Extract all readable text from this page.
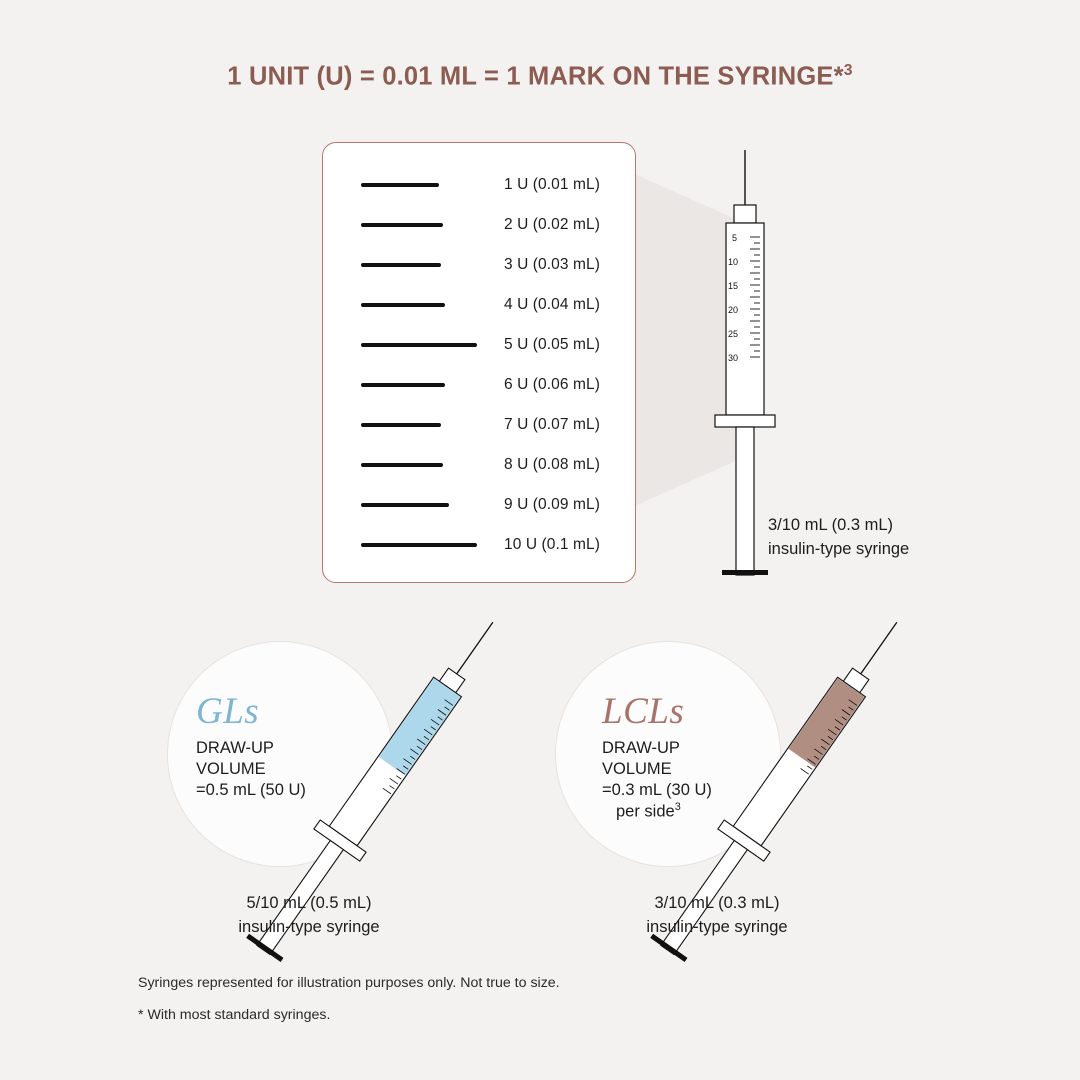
1 UNIT (U) = 0.01 ML = 1 MARK ON THE SYRINGE*$^3$
1 U (0.01 mL)
2 U (0.02 mL)
3 U (0.03 mL)
4 U (0.04 mL)
5 U (0.05 mL)
6 U (0.06 mL)
7 U (0.07 mL)
8 U (0.08 mL)
9 U (0.09 mL)
10 U (0.1 mL)
5
10
15
20
25
30
3/10 mL (0.3 mL)
insulin-type syringe
GLs
DRAW-UP
VOLUME
=0.5 mL (50 U)
5/10 mL (0.5 mL)
insulin-type syringe
LCLs
DRAW-UP
VOLUME
=0.3 mL (30 U)
per side$^3$
3/10 mL (0.3 mL)
insulin-type syringe
Syringes represented for illustration purposes only. Not true to size.
* With most standard syringes.
